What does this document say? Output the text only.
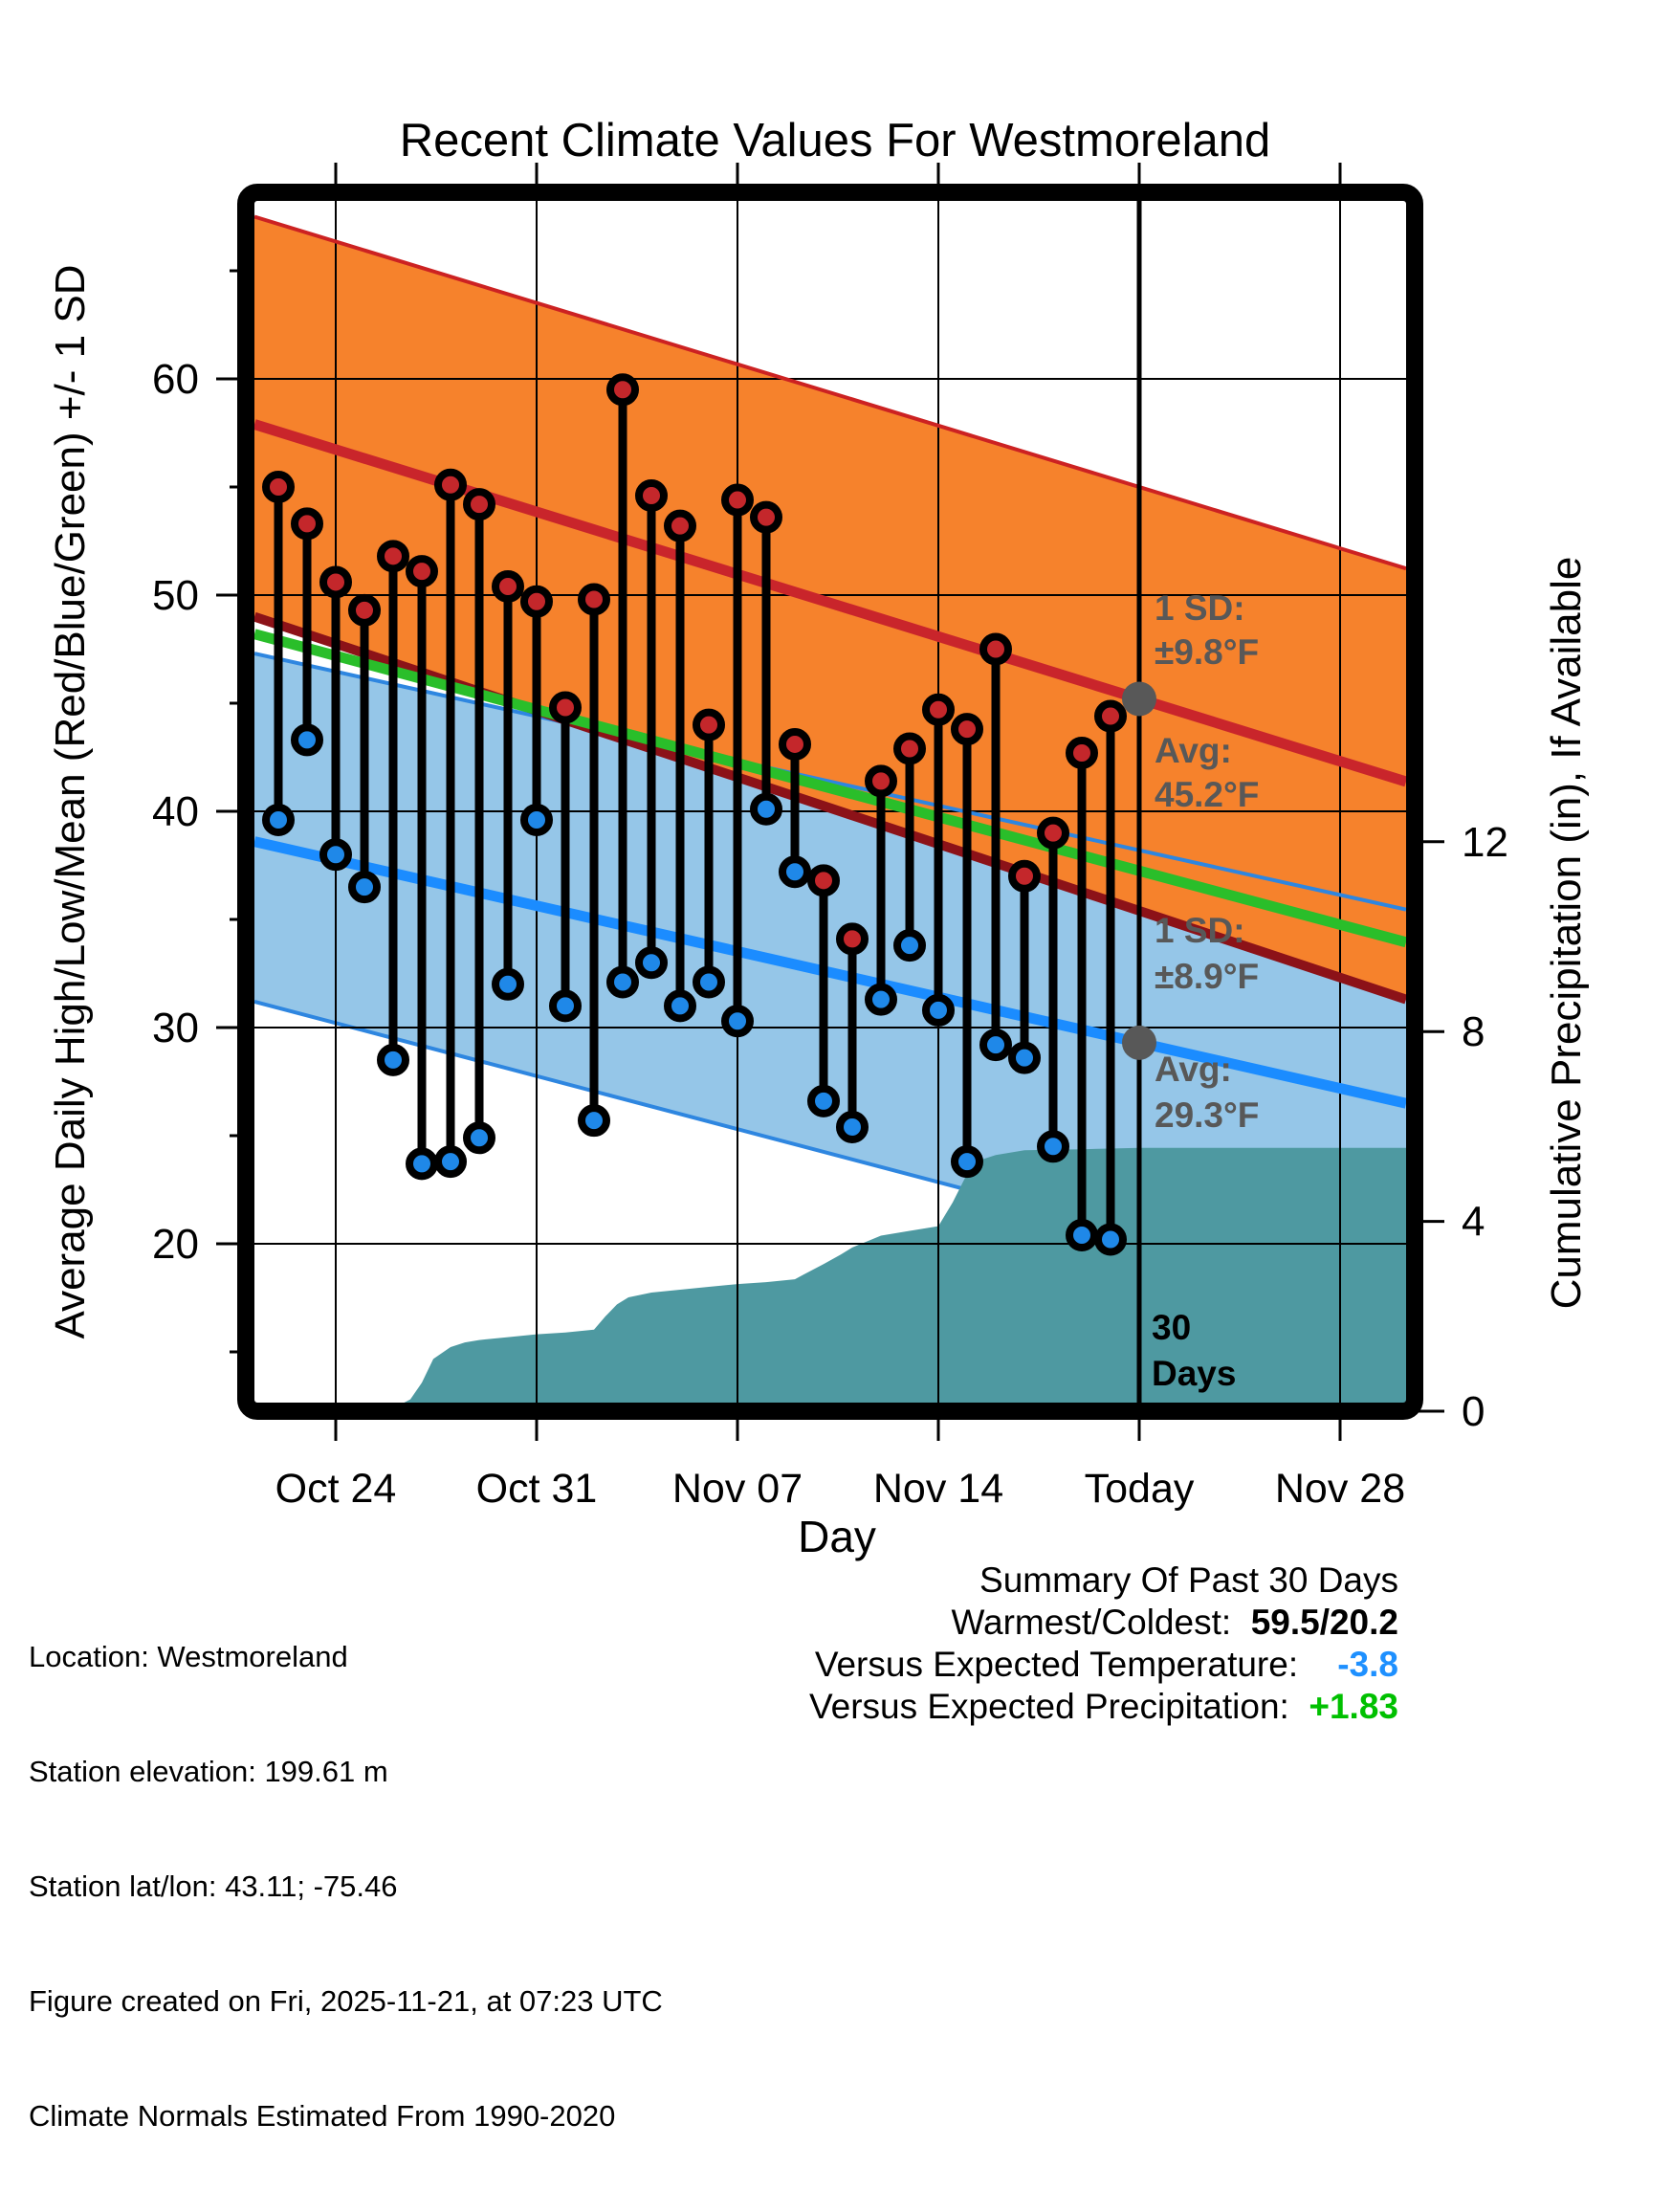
60
50
40
30
20
12
8
4
0
Oct 24 Oct 31 Nov 07 Nov 14 Today Nov 28
Recent Climate Values For Westmoreland
Average Daily High/Low/Mean (Red/Blue/Green) +/- 1 SD	Cumulative Precipitation (in), If Available
Day
1 SD:
±9.8°F
Avg:
45.2°F
1 SD:
±8.9°F
Avg:
29.3°F
30
Days

Location: Westmoreland

Station elevation: 199.61 m

Station lat/lon: 43.11; -75.46

Figure created on Fri, 2025-11-21, at 07:23 UTC

Climate Normals Estimated From 1990-2020

Summary Of Past 30 Days
Warmest/Coldest:  59.5/20.2
Versus Expected Temperature:    -3.8
Versus Expected Precipitation:  +1.83
